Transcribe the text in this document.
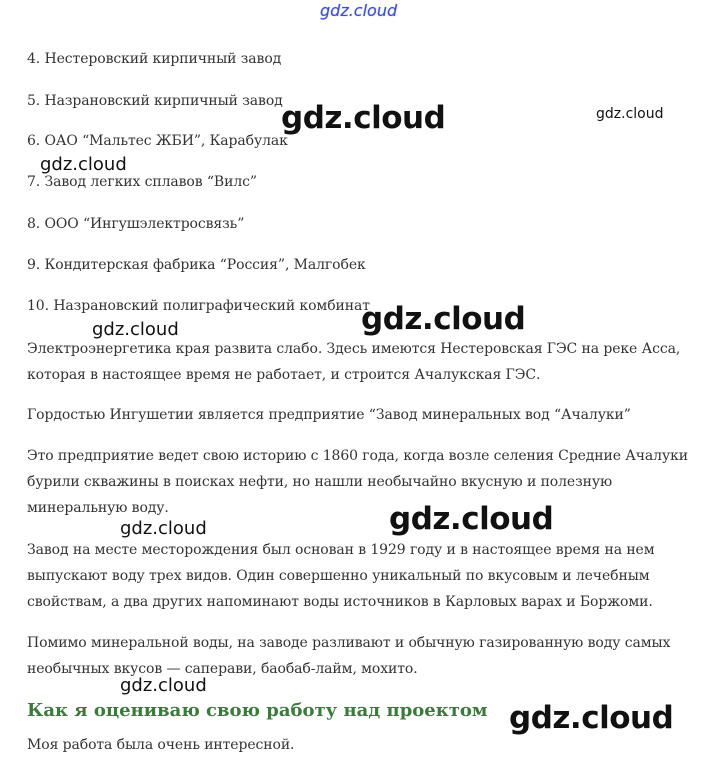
gdz.cloud

4. Нестеровский кирпичный завод

5. Назрановский кирпичный завод

6. ОАО “Мальтес ЖБИ”, Карабулак

7. Завод легких сплавов “Вилс”

8. ООО “Ингушэлектросвязь”

9. Кондитерская фабрика “Россия”, Малгобек

10. Назрановский полиграфический комбинат

Электроэнергетика края развита слабо. Здесь имеются Нестеровская ГЭС на реке Асса,

которая в настоящее время не работает, и строится Ачалукская ГЭС.

Гордостью Ингушетии является предприятие “Завод минеральных вод “Ачалуки”

Это предприятие ведет свою историю с 1860 года, когда возле селения Средние Ачалуки

бурили скважины в поисках нефти, но нашли необычайно вкусную и полезную

минеральную воду.

Завод на месте месторождения был основан в 1929 году и в настоящее время на нем

выпускают воду трех видов. Один совершенно уникальный по вкусовым и лечебным

свойствам, а два других напоминают воды источников в Карловых варах и Боржоми.

Помимо минеральной воды, на заводе разливают и обычную газированную воду самых

необычных вкусов — саперави, баобаб-лайм, мохито.

Как я оцениваю свою работу над проектом

Моя работа была очень интересной.

gdz.cloud	gdz.cloud
gdz.cloud
gdz.cloud
gdz.cloud
gdz.cloud
gdz.cloud
gdz.cloud
gdz.cloud
